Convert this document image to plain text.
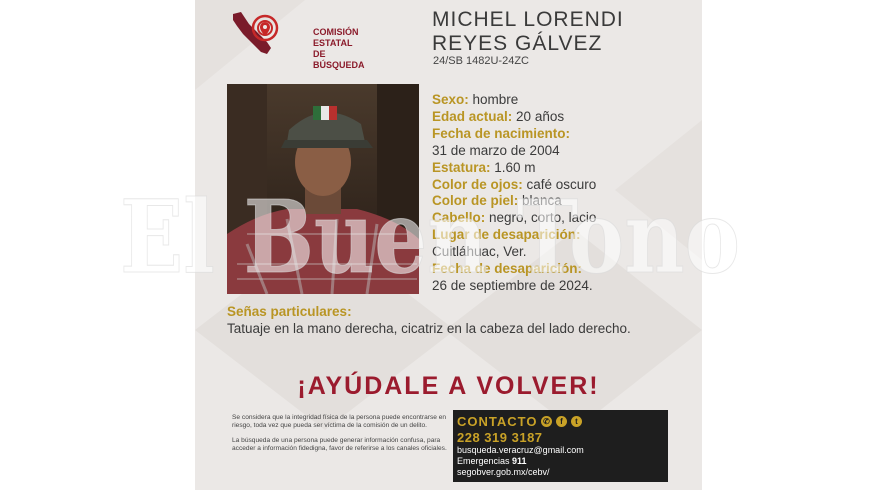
COMISIÓN ESTATAL
DE BÚSQUEDA
MICHEL LORENDI
REYES GÁLVEZ
24/SB 1482U-24ZC
Sexo: hombre
Edad actual: 20 años
Fecha de nacimiento:
31 de marzo de 2004
Estatura: 1.60 m
Color de ojos: café oscuro
Color de piel: blanca
Cabello: negro, corto, lacio
Lugar de desaparición:
Cuitláhuac, Ver.
Fecha de desaparición:
26 de septiembre de 2024.
Señas particulares:
Tatuaje en la mano derecha, cicatriz en la cabeza del lado derecho.
¡AYÚDALE A VOLVER!

Se considera que la integridad física de la persona puede encontrarse en riesgo, toda vez que pueda ser víctima de la comisión de un delito.

La búsqueda de una persona puede generar información confusa, para acceder a información fidedigna, favor de referirse a los canales oficiales.

CONTACTO ✆	f	t
228 319 3187
busqueda.veracruz@gmail.com
Emergencias 911
segobver.gob.mx/cebv/
El Buen Tono
